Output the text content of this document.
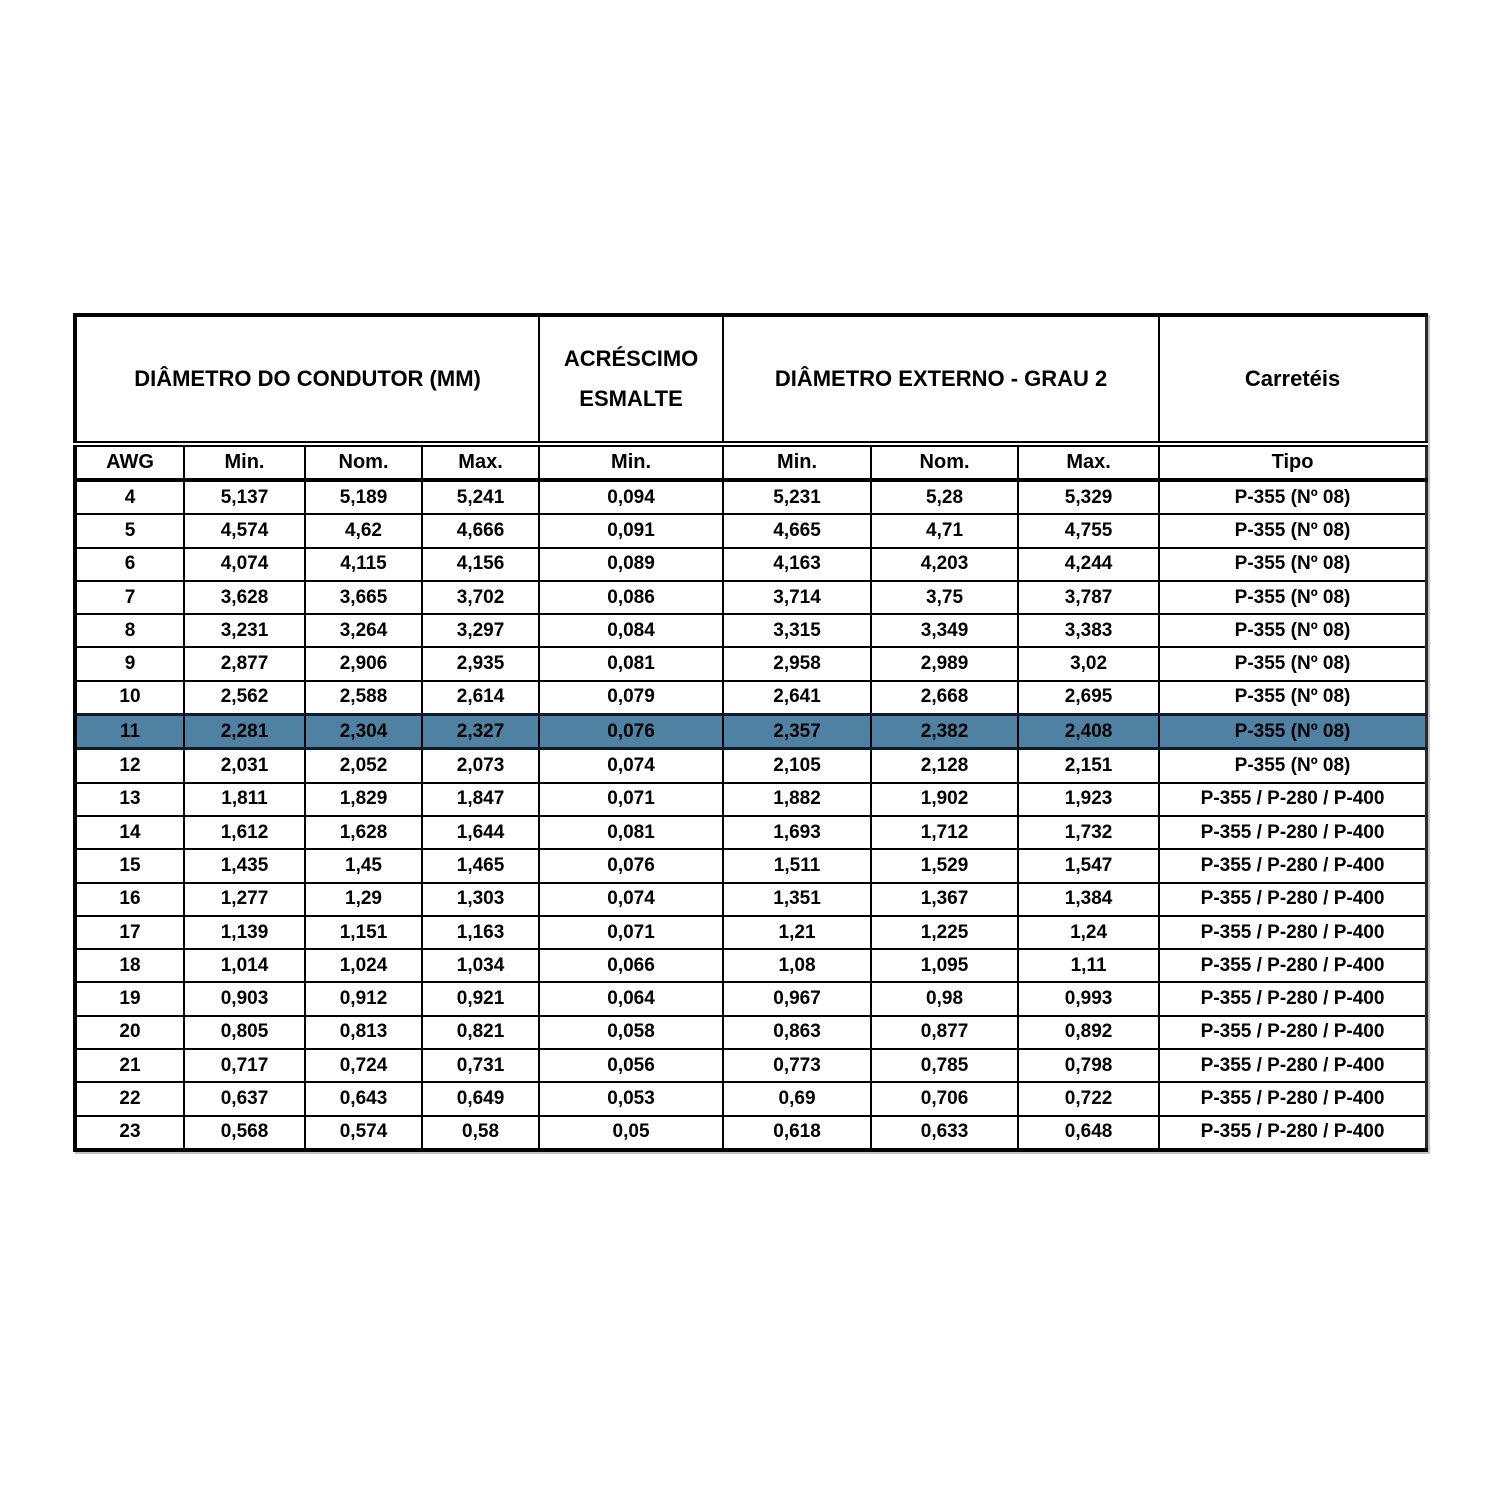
DIÂMETRO DO CONDUTOR (MM)				ACRÉSCIMO ESMALTE	DIÂMETRO EXTERNO - GRAU 2			Carretéis
AWG	Min.	Nom.	Max.	Min.	Min.	Nom.	Max.	Tipo
4	5,137	5,189	5,241	0,094	5,231	5,28	5,329	P-355 (Nº 08)
5	4,574	4,62	4,666	0,091	4,665	4,71	4,755	P-355 (Nº 08)
6	4,074	4,115	4,156	0,089	4,163	4,203	4,244	P-355 (Nº 08)
7	3,628	3,665	3,702	0,086	3,714	3,75	3,787	P-355 (Nº 08)
8	3,231	3,264	3,297	0,084	3,315	3,349	3,383	P-355 (Nº 08)
9	2,877	2,906	2,935	0,081	2,958	2,989	3,02	P-355 (Nº 08)
10	2,562	2,588	2,614	0,079	2,641	2,668	2,695	P-355 (Nº 08)
11	2,281	2,304	2,327	0,076	2,357	2,382	2,408	P-355 (Nº 08)
12	2,031	2,052	2,073	0,074	2,105	2,128	2,151	P-355 (Nº 08)
13	1,811	1,829	1,847	0,071	1,882	1,902	1,923	P-355 / P-280 / P-400
14	1,612	1,628	1,644	0,081	1,693	1,712	1,732	P-355 / P-280 / P-400
15	1,435	1,45	1,465	0,076	1,511	1,529	1,547	P-355 / P-280 / P-400
16	1,277	1,29	1,303	0,074	1,351	1,367	1,384	P-355 / P-280 / P-400
17	1,139	1,151	1,163	0,071	1,21	1,225	1,24	P-355 / P-280 / P-400
18	1,014	1,024	1,034	0,066	1,08	1,095	1,11	P-355 / P-280 / P-400
19	0,903	0,912	0,921	0,064	0,967	0,98	0,993	P-355 / P-280 / P-400
20	0,805	0,813	0,821	0,058	0,863	0,877	0,892	P-355 / P-280 / P-400
21	0,717	0,724	0,731	0,056	0,773	0,785	0,798	P-355 / P-280 / P-400
22	0,637	0,643	0,649	0,053	0,69	0,706	0,722	P-355 / P-280 / P-400
23	0,568	0,574	0,58	0,05	0,618	0,633	0,648	P-355 / P-280 / P-400
